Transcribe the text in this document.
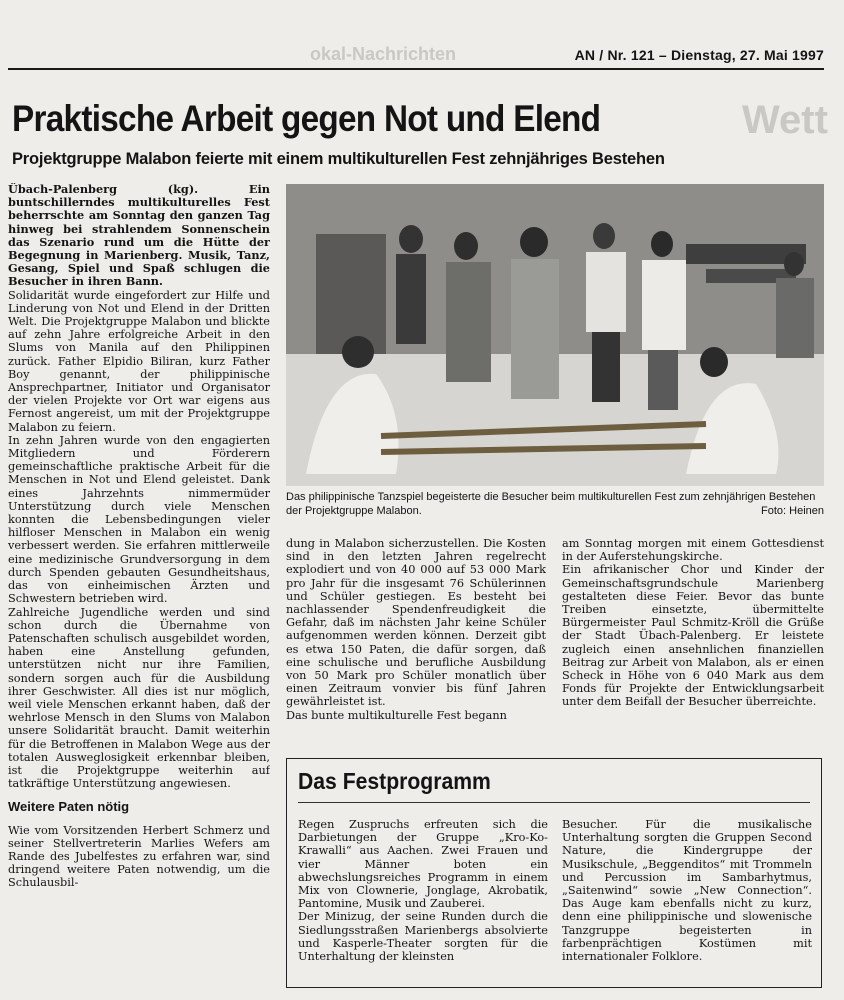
okal-Nachrichten
Wett
AN / Nr. 121 – Dienstag, 27. Mai 1997
Praktische Arbeit gegen Not und Elend
Projektgruppe Malabon feierte mit einem multikulturellen Fest zehnjähriges Bestehen

Übach-Palenberg (kg). Ein buntschillerndes multikulturelles Fest beherrschte am Sonntag den ganzen Tag hinweg bei strahlendem Sonnenschein das Szenario rund um die Hütte der Begegnung in Marienberg. Musik, Tanz, Gesang, Spiel und Spaß schlugen die Besucher in ihren Bann.

Solidarität wurde eingefordert zur Hilfe und Linderung von Not und Elend in der Dritten Welt. Die Projektgruppe Malabon und blickte auf zehn Jahre erfolgreiche Arbeit in den Slums von Manila auf den Philippinen zurück. Father Elpidio Biliran, kurz Father Boy genannt, der philippinische Ansprechpartner, Initiator und Organisator der vielen Projekte vor Ort war eigens aus Fernost angereist, um mit der Projektgruppe Malabon zu feiern.

In zehn Jahren wurde von den engagierten Mitgliedern und Förderern gemeinschaftliche praktische Arbeit für die Menschen in Not und Elend geleistet. Dank eines Jahrzehnts nimmermüder Unterstützung durch viele Menschen konnten die Lebensbedingungen vieler hilfloser Menschen in Malabon ein wenig verbessert werden. Sie erfahren mittlerweile eine medizinische Grundversorgung in dem durch Spenden gebauten Gesundheitshaus, das von einheimischen Ärzten und Schwestern betrieben wird.

Zahlreiche Jugendliche werden und sind schon durch die Übernahme von Patenschaften schulisch ausgebildet worden, haben eine Anstellung gefunden, unterstützen nicht nur ihre Familien, sondern sorgen auch für die Ausbildung ihrer Geschwister. All dies ist nur möglich, weil viele Menschen erkannt haben, daß der wehrlose Mensch in den Slums von Malabon unsere Solidarität braucht. Damit weiterhin für die Betroffenen in Malabon Wege aus der totalen Ausweglosigkeit erkennbar bleiben, ist die Projektgruppe weiterhin auf tatkräftige Unterstützung angewiesen.

Weitere Paten nötig

Wie vom Vorsitzenden Herbert Schmerz und seiner Stellvertreterin Marlies Wefers am Rande des Jubelfestes zu erfahren war, sind dringend weitere Paten notwendig, um die Schulausbil-

Das philippinische Tanzspiel begeisterte die Besucher beim multikulturellen Fest zum zehnjährigen Bestehen der Projektgruppe Malabon.	Foto: Heinen

dung in Malabon sicherzustellen. Die Kosten sind in den letzten Jahren regelrecht explodiert und von 40 000 auf 53 000 Mark pro Jahr für die insgesamt 76 Schülerinnen und Schüler gestiegen. Es besteht bei nachlassender Spendenfreudigkeit die Gefahr, daß im nächsten Jahr keine Schüler aufgenommen werden können. Derzeit gibt es etwa 150 Paten, die dafür sorgen, daß eine schulische und berufliche Ausbildung von 50 Mark pro Schüler monatlich über einen Zeitraum vonvier bis fünf Jahren gewährleistet ist.

Das bunte multikulturelle Fest begann

am Sonntag morgen mit einem Gottesdienst in der Auferstehungskirche.

Ein afrikanischer Chor und Kinder der Gemeinschaftsgrundschule Marienberg gestalteten diese Feier. Bevor das bunte Treiben einsetzte, übermittelte Bürgermeister Paul Schmitz-Kröll die Grüße der Stadt Übach-Palenberg. Er leistete zugleich einen ansehnlichen finanziellen Beitrag zur Arbeit von Malabon, als er einen Scheck in Höhe von 6 040 Mark aus dem Fonds für Projekte der Entwicklungsarbeit unter dem Beifall der Besucher überreichte.

Das Festprogramm

Regen Zuspruchs erfreuten sich die Darbietungen der Gruppe „Kro-Ko-Krawalli“ aus Aachen. Zwei Frauen und vier Männer boten ein abwechslungsreiches Programm in einem Mix von Clownerie, Jonglage, Akrobatik, Pantomine, Musik und Zauberei.

Der Minizug, der seine Runden durch die Siedlungsstraßen Marienbergs absolvierte und Kasperle-Theater sorgten für die Unterhaltung der kleinsten

Besucher. Für die musikalische Unterhaltung sorgten die Gruppen Second Nature, die Kindergruppe der Musikschule, „Beggenditos“ mit Trommeln und Percussion im Sambarhytmus, „Saitenwind“ sowie „New Connection“. Das Auge kam ebenfalls nicht zu kurz, denn eine philippinische und slowenische Tanzgruppe begeisterten in farbenprächtigen Kostümen mit internationaler Folklore.
